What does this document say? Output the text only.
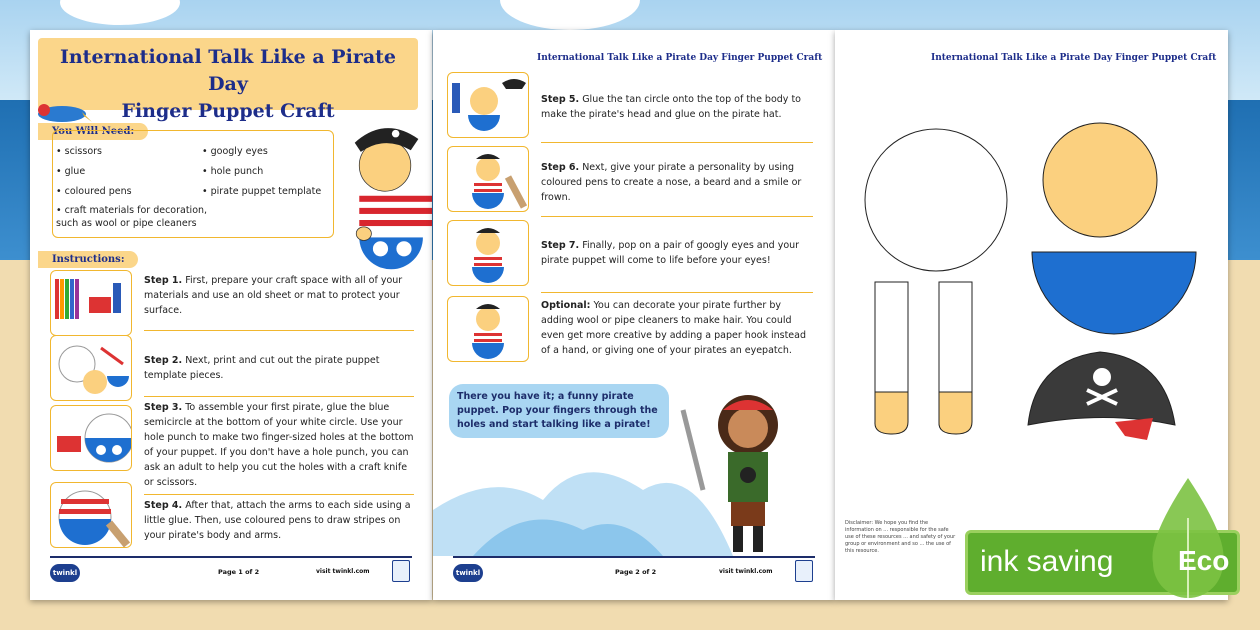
International Talk Like a Pirate Day
Finger Puppet Craft
You Will Need:
• scissors
• glue
• coloured pens
• craft materials for decoration, such as wool or pipe cleaners
• googly eyes
• hole punch
• pirate puppet template
Instructions:
Step 1. First, prepare your craft space with all of your materials and use an old sheet or mat to protect your surface.
Step 2. Next, print and cut out the pirate puppet template pieces.
Step 3. To assemble your first pirate, glue the blue semicircle at the bottom of your white circle. Use your hole punch to make two finger-sized holes at the bottom of your puppet. If you don't have a hole punch, you can ask an adult to help you cut the holes with a craft knife or scissors.
Step 4. After that, attach the arms to each side using a little glue. Then, use coloured pens to draw stripes on your pirate's body and arms.
twinkl	Page 1 of 2	visit twinkl.com
International Talk Like a Pirate Day Finger Puppet Craft
Step 5. Glue the tan circle onto the top of the body to make the pirate's head and glue on the pirate hat.
Step 6. Next, give your pirate a personality by using coloured pens to create a nose, a beard and a smile or frown.
Step 7. Finally, pop on a pair of googly eyes and your pirate puppet will come to life before your eyes!
Optional: You can decorate your pirate further by adding wool or pipe cleaners to make hair. You could even get more creative by adding a paper hook instead of a hand, or giving one of your pirates an eyepatch.
There you have it; a funny pirate puppet. Pop your fingers through the holes and start talking like a pirate!
twinkl	Page 2 of 2	visit twinkl.com
International Talk Like a Pirate Day Finger Puppet Craft
Disclaimer: We hope you find the information on ... responsible for the safe use of these resources ... and safety of your group or environment and so ... the use of this resource.	ink saving Eco
